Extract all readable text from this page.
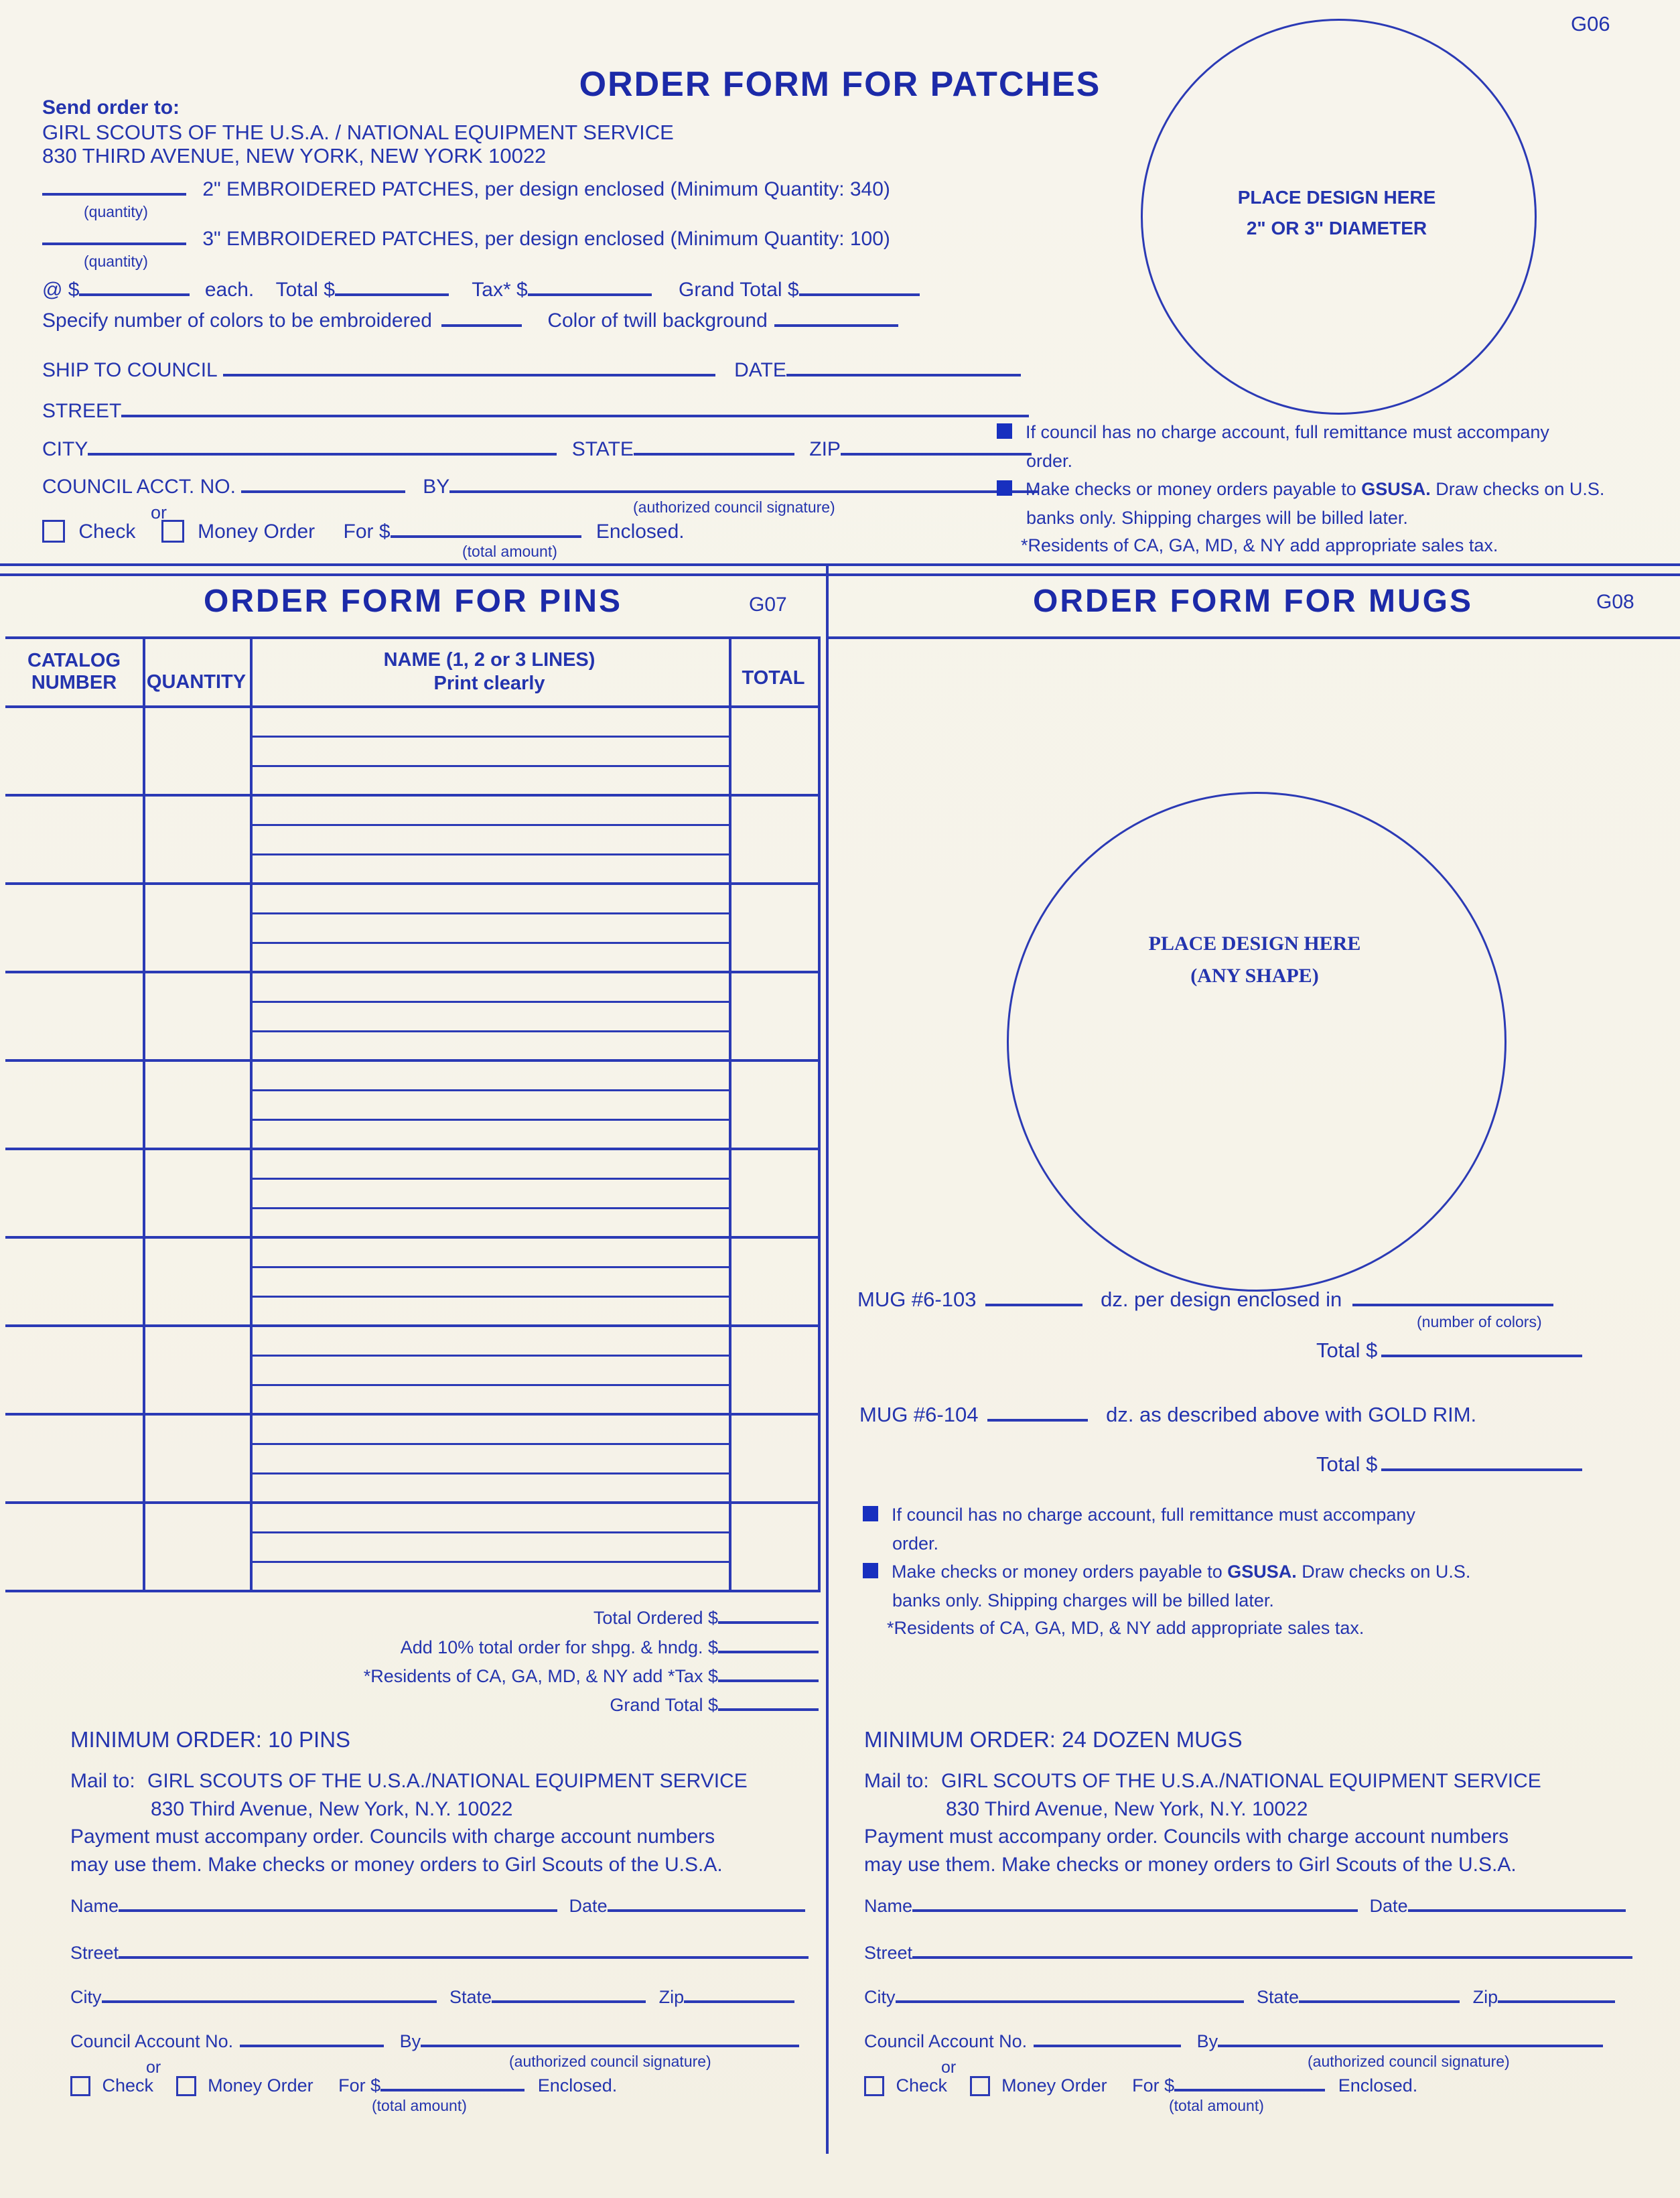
G06
ORDER FORM FOR PATCHES
Send order to:
GIRL SCOUTS OF THE U.S.A. / NATIONAL EQUIPMENT SERVICE
830 THIRD AVENUE, NEW YORK, NEW YORK 10022
2" EMBROIDERED PATCHES, per design enclosed (Minimum Quantity: 340)
(quantity)
3" EMBROIDERED PATCHES, per design enclosed (Minimum Quantity: 100)
(quantity)
@ $	each. Total $	Tax* $	Grand Total $
Specify number of colors to be embroidered	Color of twill background
SHIP TO COUNCIL	DATE
STREET
CITY	STATE	ZIP
COUNCIL ACCT. NO.	BY
(authorized council signature)
or
Check	Money Order For $	Enclosed.
(total amount)
PLACE DESIGN HERE
2" OR 3" DIAMETER
If council has no charge account, full remittance must accompany
order.
Make checks or money orders payable to GSUSA. Draw checks on U.S.
banks only. Shipping charges will be billed later.
*Residents of CA, GA, MD, & NY add appropriate sales tax.
ORDER FORM FOR PINS	G07
CATALOG
NUMBER	QUANTITY
NAME (1, 2 or 3 LINES)
Print clearly	TOTAL
Total Ordered $
Add 10% total order for shpg. & hndg. $
*Residents of CA, GA, MD, & NY add *Tax $
Grand Total $
MINIMUM ORDER: 10 PINS
Mail to: GIRL SCOUTS OF THE U.S.A./NATIONAL EQUIPMENT SERVICE
830 Third Avenue, New York, N.Y. 10022
Payment must accompany order. Councils with charge account numbers
may use them. Make checks or money orders to Girl Scouts of the U.S.A.
Name	Date
Street
City	State	Zip
Council Account No.	By
(authorized council signature)
or
Check	Money Order For $	Enclosed.
(total amount)
ORDER FORM FOR MUGS	G08
PLACE DESIGN HERE
(ANY SHAPE)
MUG #6-103	dz. per design enclosed in
(number of colors)
Total $
MUG #6-104	dz. as described above with GOLD RIM.
Total $
If council has no charge account, full remittance must accompany
order.
Make checks or money orders payable to GSUSA. Draw checks on U.S.
banks only. Shipping charges will be billed later.
*Residents of CA, GA, MD, & NY add appropriate sales tax.
MINIMUM ORDER: 24 DOZEN MUGS
Mail to: GIRL SCOUTS OF THE U.S.A./NATIONAL EQUIPMENT SERVICE
830 Third Avenue, New York, N.Y. 10022
Payment must accompany order. Councils with charge account numbers
may use them. Make checks or money orders to Girl Scouts of the U.S.A.
Name	Date
Street
City	State	Zip
Council Account No.	By
(authorized council signature)
or
Check	Money Order For $	Enclosed.
(total amount)
